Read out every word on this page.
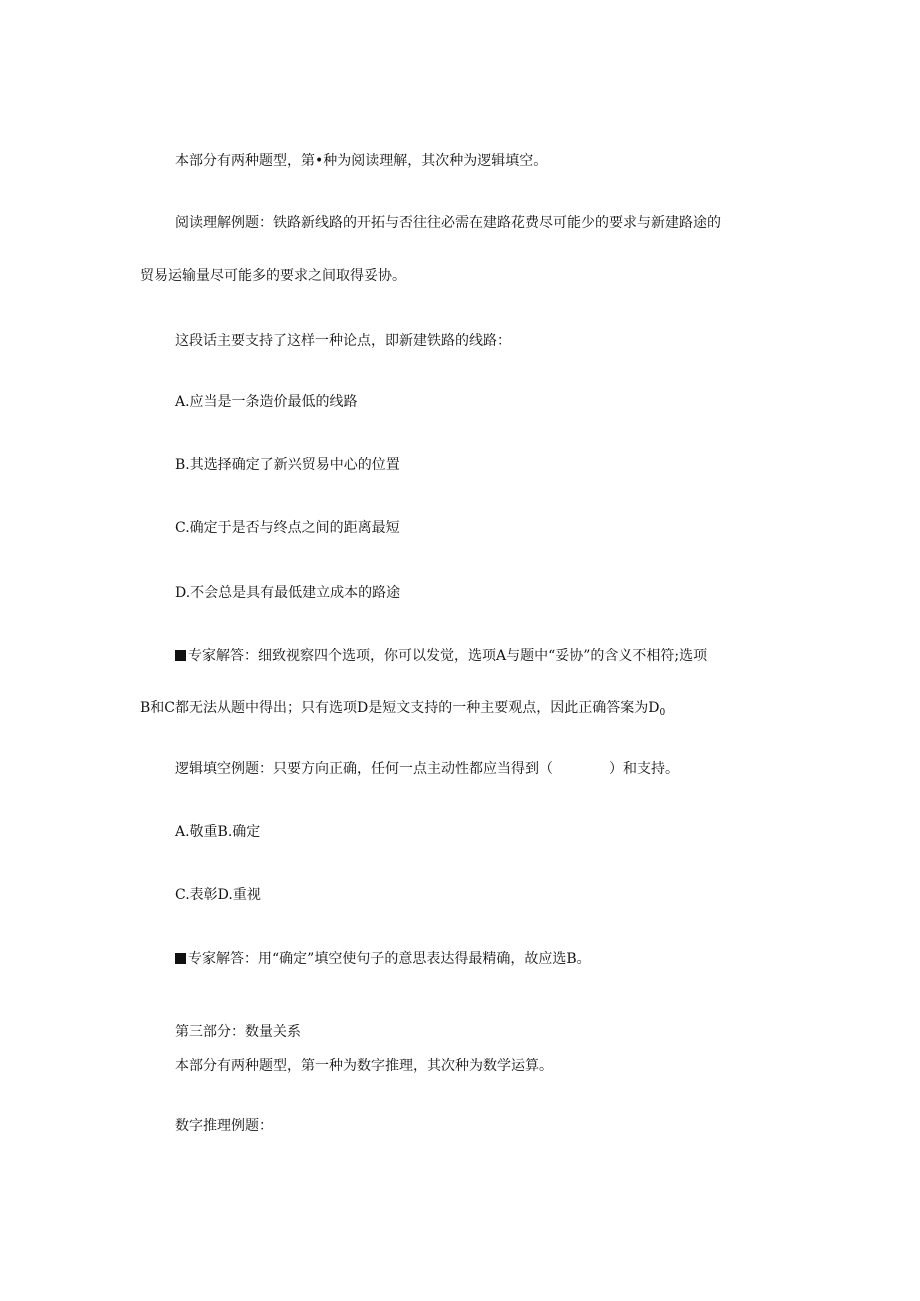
本部分有两种题型，第•种为阅读理解，其次种为逻辑填空。
阅读理解例题：铁路新线路的开拓与否往往必需在建路花费尽可能少的要求与新建路途的
贸易运输量尽可能多的要求之间取得妥协。
这段话主要支持了这样一种论点，即新建铁路的线路：
A.应当是一条造价最低的线路
B.其选择确定了新兴贸易中心的位置
C.确定于是否与终点之间的距离最短
D.不会总是具有最低建立成本的路途
专家解答：细致视察四个选项，你可以发觉，选项A与题中“妥协”的含义不相符;选项
B和C都无法从题中得出；只有选项D是短文支持的一种主要观点，因此正确答案为$D_0$
逻辑填空例题：只要方向正确，任何一点主动性都应当得到（	）和支持。
A.敬重B.确定
C.表彰D.重视
专家解答：用“确定”填空使句子的意思表达得最精确，故应选B。
第三部分：数量关系
本部分有两种题型，第一种为数字推理，其次种为数学运算。
数字推理例题：
